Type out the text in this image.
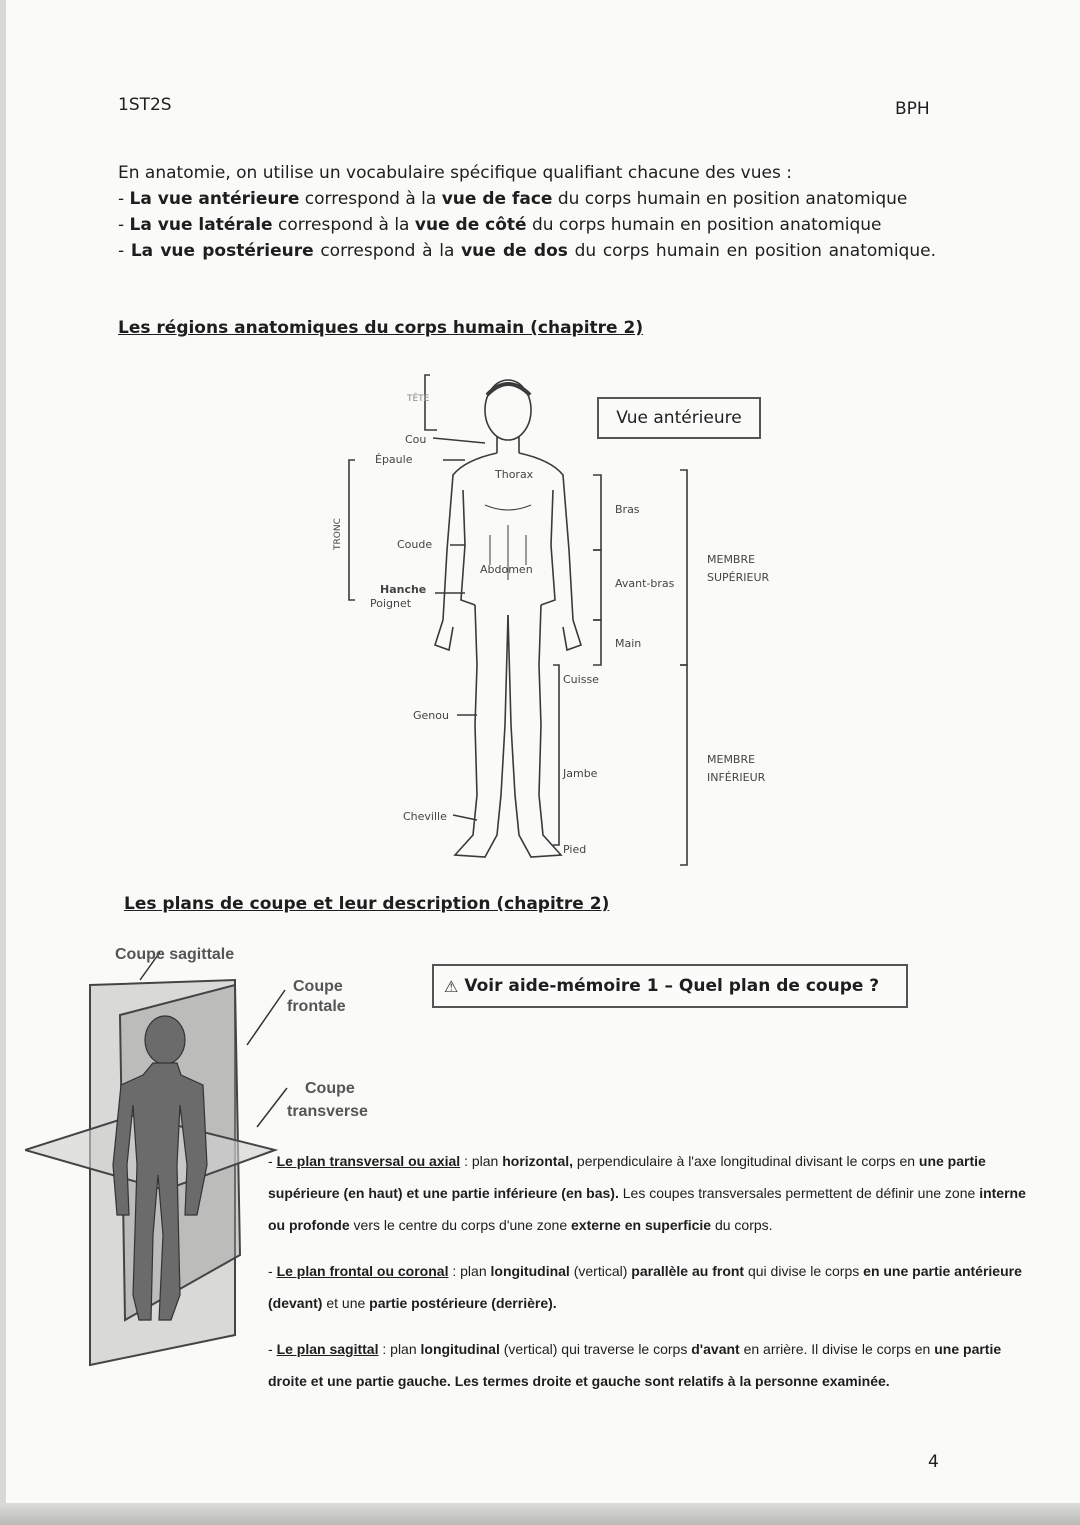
1ST2S	BPH

En anatomie, on utilise un vocabulaire spécifique qualifiant chacune des vues :

- La vue antérieure correspond à la vue de face du corps humain en position anatomique

- La vue latérale correspond à la vue de côté du corps humain en position anatomique

- La vue postérieure correspond à la vue de dos du corps humain en position anatomique.

Les régions anatomiques du corps humain (chapitre 2)
TÊTE
Cou
Épaule
TRONC
Thorax
Coude
Abdomen
Hanche
Poignet
Bras
Avant-bras
Main
MEMBRE
SUPÉRIEUR
Cuisse
Genou
Jambe
MEMBRE
INFÉRIEUR
Cheville
Pied
Vue antérieure
Les plans de coupe et leur description (chapitre 2)
Coupe sagittale
Coupe
frontale
Coupe
transverse
⚠ Voir aide-mémoire 1 – Quel plan de coupe ?

- Le plan transversal ou axial : plan horizontal, perpendiculaire à l'axe longitudinal divisant le corps en une partie supérieure (en haut) et une partie inférieure (en bas). Les coupes transversales permettent de définir une zone interne ou profonde vers le centre du corps d'une zone externe en superficie du corps.

- Le plan frontal ou coronal : plan longitudinal (vertical) parallèle au front qui divise le corps en une partie antérieure (devant) et une partie postérieure (derrière).

- Le plan sagittal : plan longitudinal (vertical) qui traverse le corps d'avant en arrière. Il divise le corps en une partie droite et une partie gauche. Les termes droite et gauche sont relatifs à la personne examinée.

4
